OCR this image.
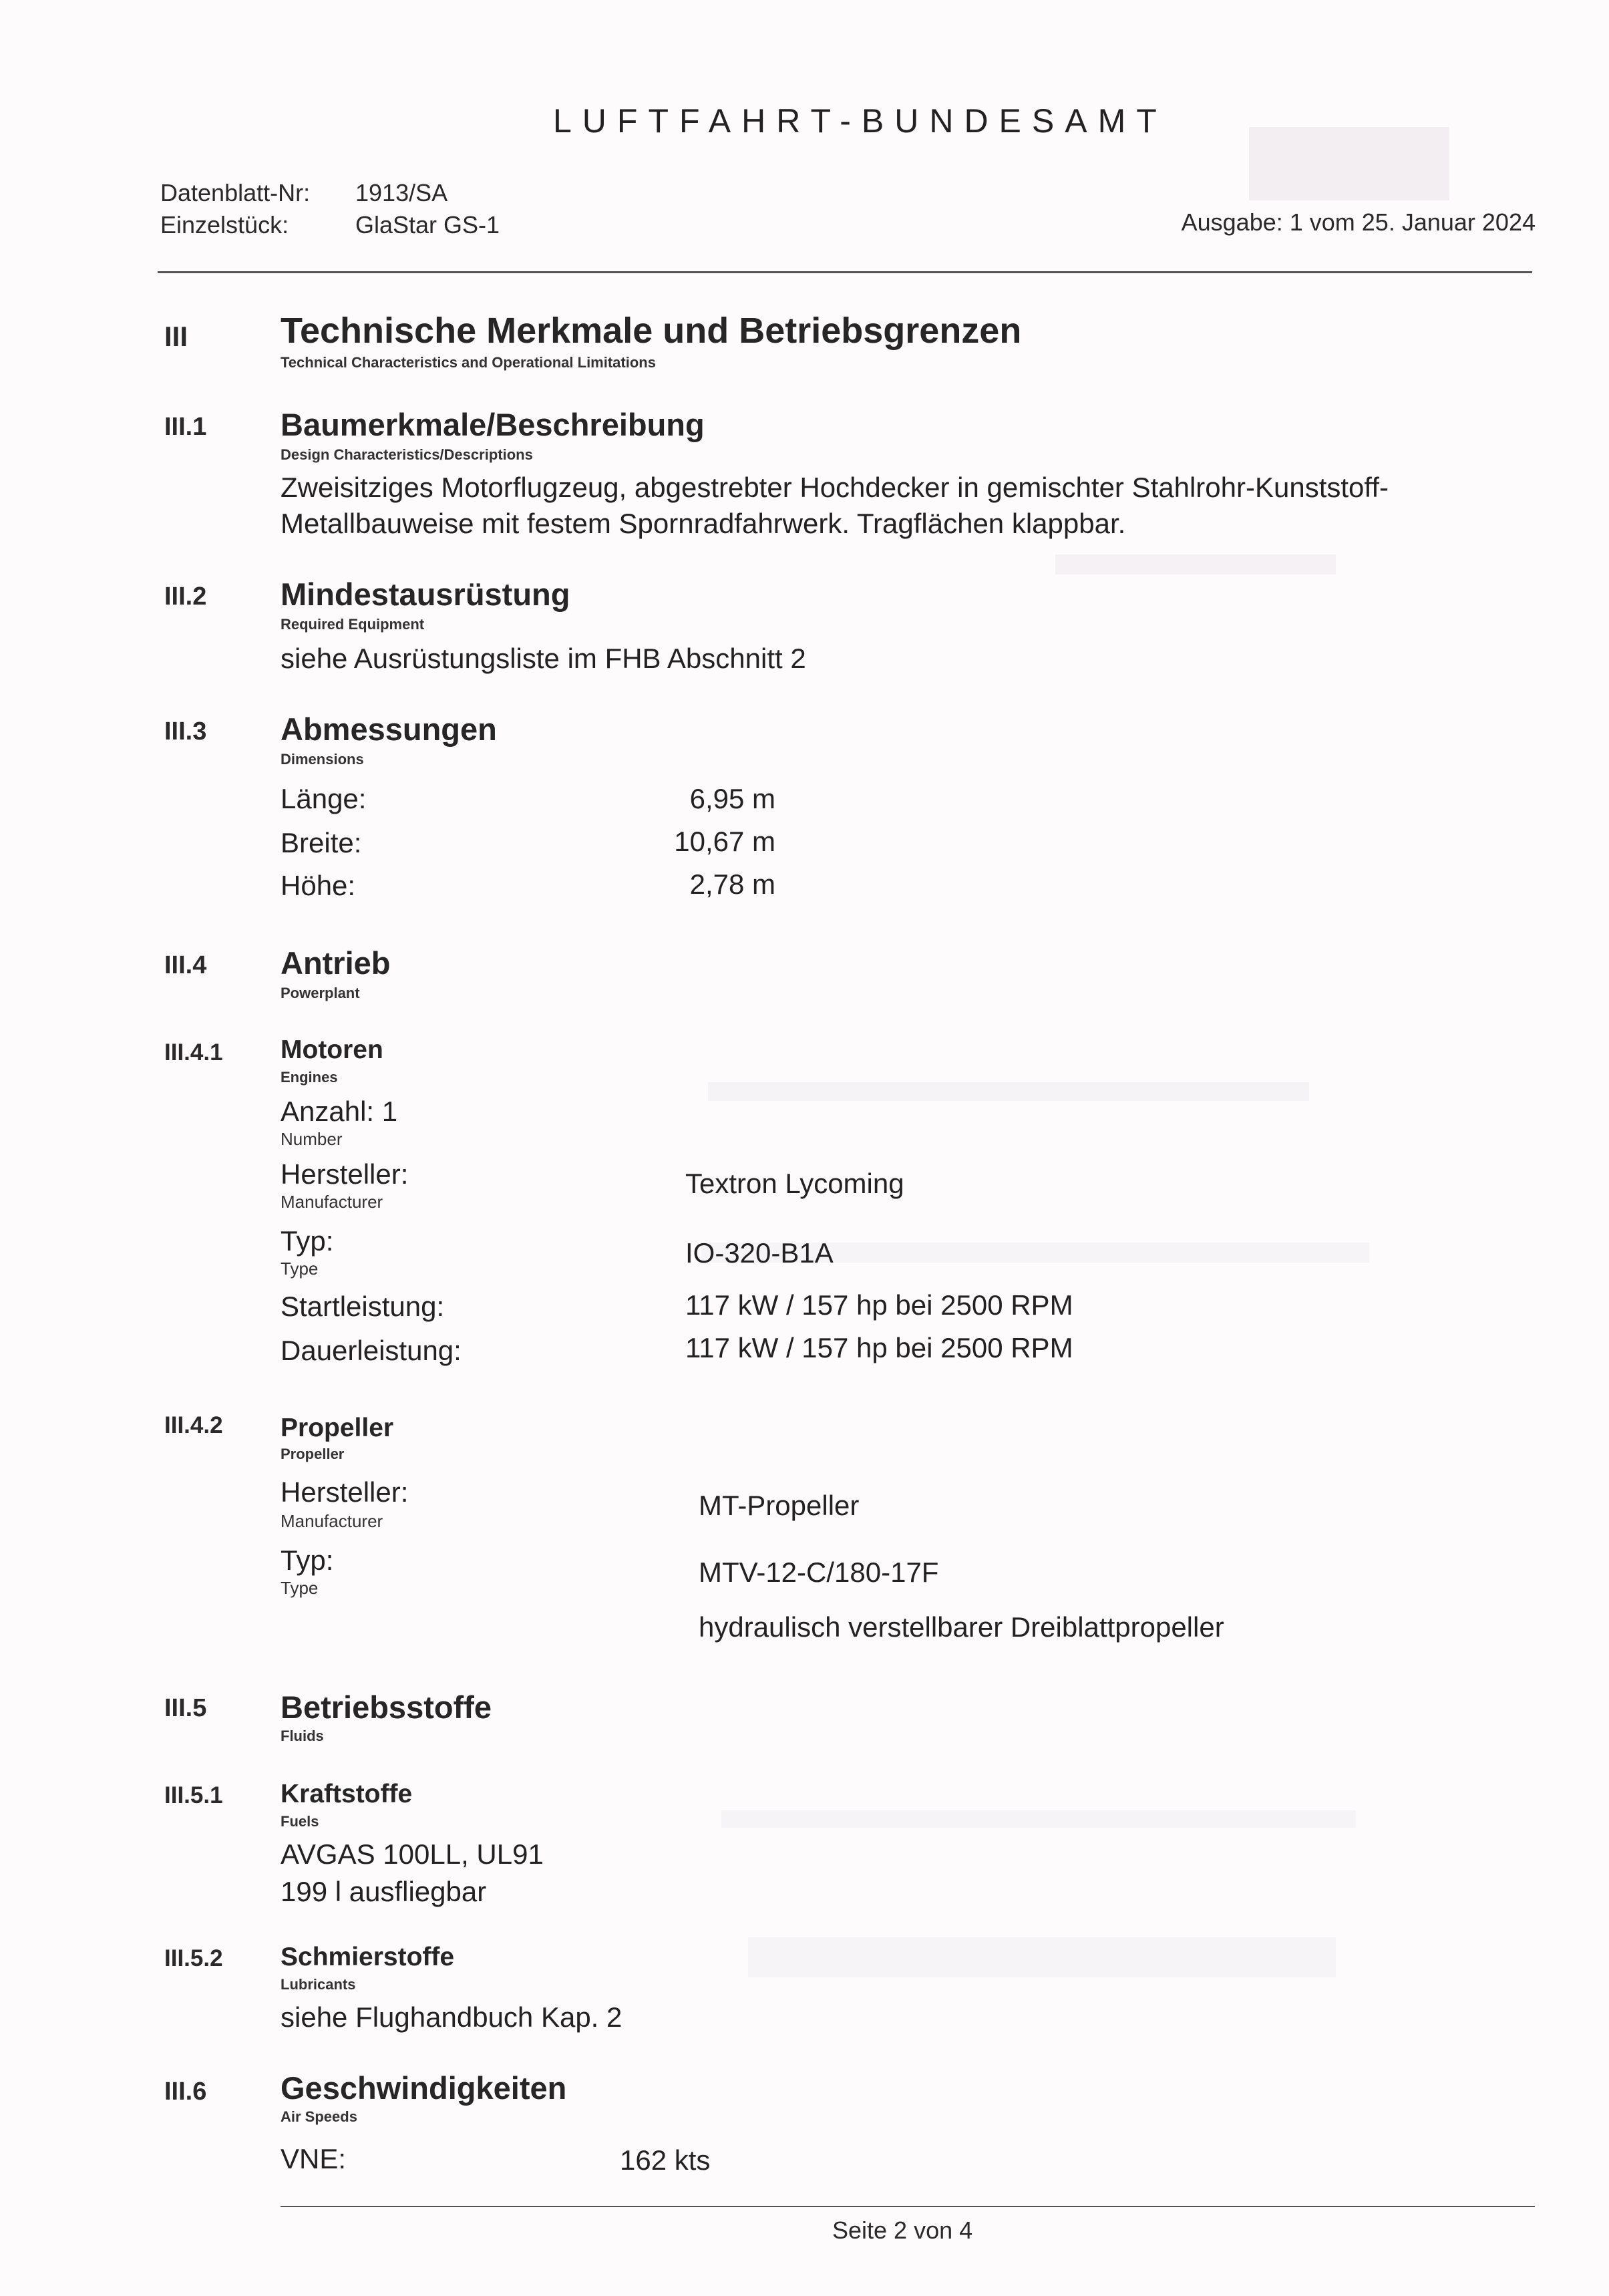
LUFTFAHRT-BUNDESAMT
Datenblatt-Nr: 1913/SA
Einzelstück:	GlaStar GS-1	Ausgabe: 1 vom 25. Januar 2024
III	Technische Merkmale und Betriebsgrenzen
Technical Characteristics and Operational Limitations
III.1 Baumerkmale/Beschreibung
Design Characteristics/Descriptions
Zweisitziges Motorflugzeug, abgestrebter Hochdecker in gemischter Stahlrohr-Kunststoff-
Metallbauweise mit festem Spornradfahrwerk. Tragflächen klappbar.
III.2 Mindestausrüstung
Required Equipment
siehe Ausrüstungsliste im FHB Abschnitt 2
III.3 Abmessungen
Dimensions
Länge:	6,95 m
Breite:	10,67 m
Höhe:	2,78 m
III.4 Antrieb
Powerplant
III.4.1 Motoren
Engines
Anzahl: 1
Number
Hersteller:
Manufacturer
Textron Lycoming
Typ:
Type	IO-320-B1A
Startleistung:	117 kW / 157 hp bei 2500 RPM
Dauerleistung:	117 kW / 157 hp bei 2500 RPM
III.4.2 Propeller
Propeller
Hersteller:
Manufacturer	MT-Propeller
Typ:
Type	MTV-12-C/180-17F
hydraulisch verstellbarer Dreiblattpropeller
III.5 Betriebsstoffe
Fluids
III.5.1 Kraftstoffe
Fuels
AVGAS 100LL, UL91
199 l ausfliegbar
III.5.2 Schmierstoffe
Lubricants
siehe Flughandbuch Kap. 2
III.6 Geschwindigkeiten
Air Speeds
VNE:	162 kts
Seite 2 von 4
